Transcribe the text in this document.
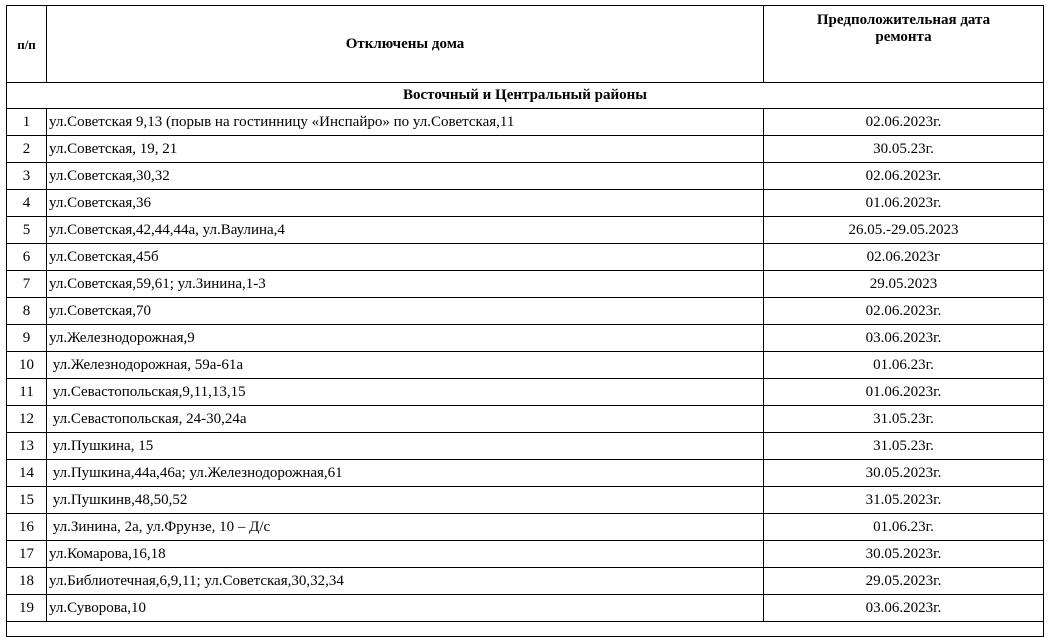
п/п	Отключены дома	Предположительная дата
ремонта
Восточный и Центральный районы		
1	ул.Советская 9,13 (порыв на гостинницу «Инспайро» по ул.Советская,11	02.06.2023г.
2	ул.Советская, 19, 21	30.05.23г.
3	ул.Советская,30,32	02.06.2023г.
4	ул.Советская,36	01.06.2023г.
5	ул.Советская,42,44,44а, ул.Ваулина,4	26.05.-29.05.2023
6	ул.Советская,45б	02.06.2023г
7	ул.Советская,59,61; ул.Зинина,1-3	29.05.2023
8	ул.Советская,70	02.06.2023г.
9	ул.Железнодорожная,9	03.06.2023г.
10	ул.Железнодорожная, 59а-61а	01.06.23г.
11	ул.Севастопольская,9,11,13,15	01.06.2023г.
12	ул.Севастопольская, 24-30,24а	31.05.23г.
13	ул.Пушкина, 15	31.05.23г.
14	ул.Пушкина,44а,46а; ул.Железнодорожная,61	30.05.2023г.
15	ул.Пушкинв,48,50,52	31.05.2023г.
16	ул.Зинина, 2а, ул.Фрунзе, 10 – Д/с	01.06.23г.
17	ул.Комарова,16,18	30.05.2023г.
18	ул.Библиотечная,6,9,11; ул.Советская,30,32,34	29.05.2023г.
19	ул.Суворова,10	03.06.2023г.
